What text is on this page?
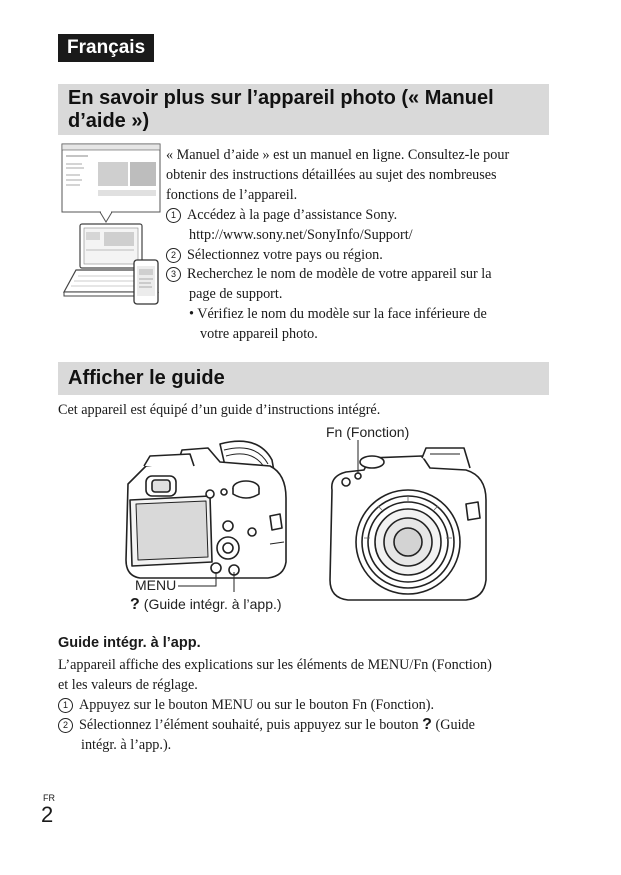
Français
En savoir plus sur l’appareil photo (« Manuel
d’aide »)
« Manuel d’aide » est un manuel en ligne. Consultez-le pour
obtenir des instructions détaillées au sujet des nombreuses
fonctions de l’appareil.
1 Accédez à la page d’assistance Sony.
http://www.sony.net/SonyInfo/Support/
2 Sélectionnez votre pays ou région.
3 Recherchez le nom de modèle de votre appareil sur la
page de support.
• Vérifiez le nom du modèle sur la face inférieure de
votre appareil photo.
Afficher le guide
Cet appareil est équipé d’un guide d’instructions intégré.
MENU
? (Guide intégr. à l’app.)
Fn (Fonction)
Guide intégr. à l’app.
L’appareil affiche des explications sur les éléments de MENU/Fn (Fonction)
et les valeurs de réglage.
1 Appuyez sur le bouton MENU ou sur le bouton Fn (Fonction).
2 Sélectionnez l’élément souhaité, puis appuyez sur le bouton ? (Guide
intégr. à l’app.).
FR
2
